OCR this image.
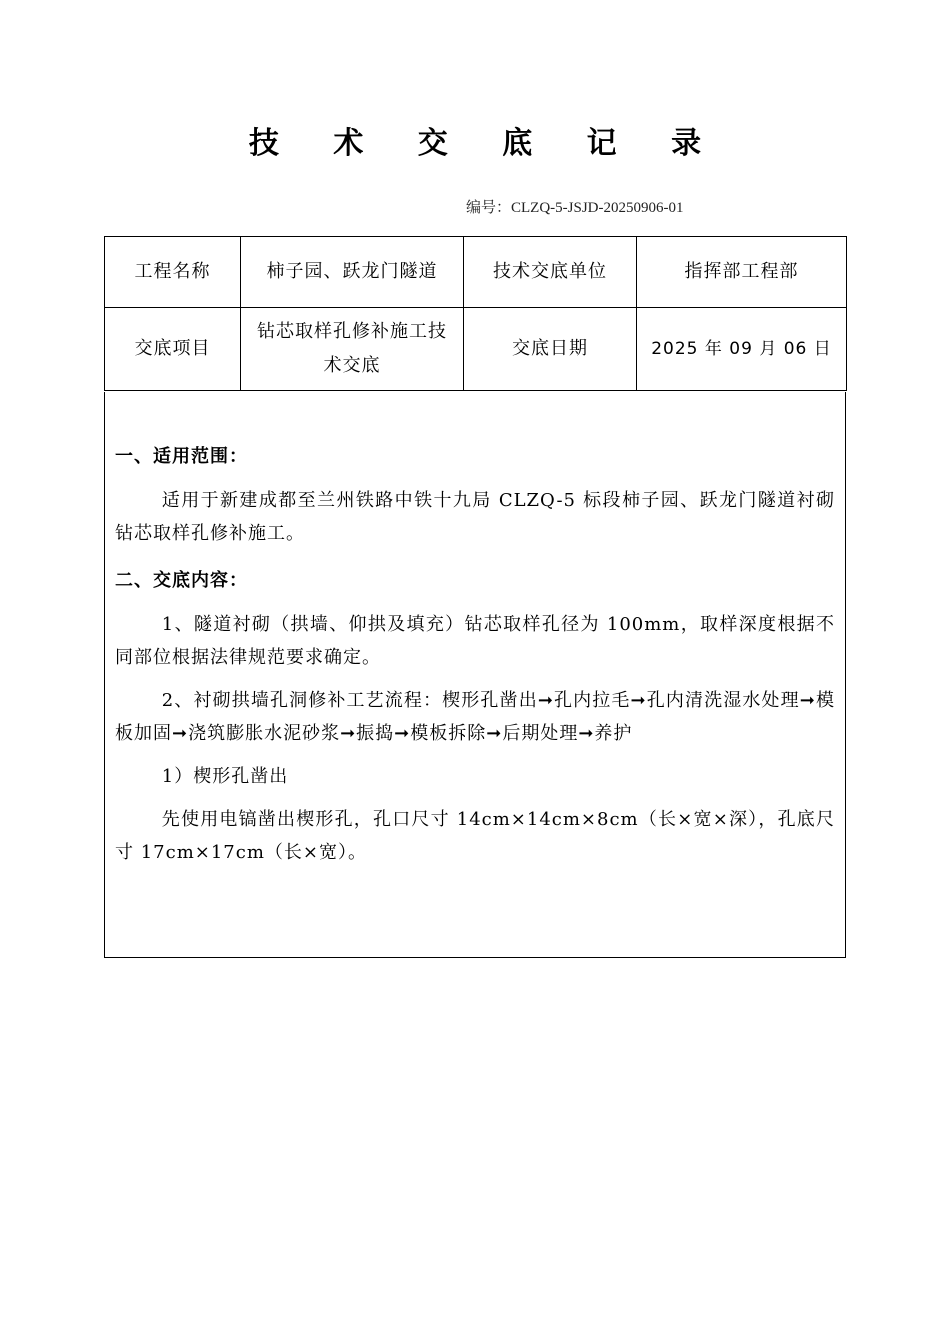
技 术 交 底 记 录
编号：CLZQ-5-JSJD-20250906-01
工程名称	柿子园、跃龙门隧道	技术交底单位	指挥部工程部
交底项目	钻芯取样孔修补施工技术交底	交底日期	2025 年 09 月 06 日
一、适用范围：

适用于新建成都至兰州铁路中铁十九局 CLZQ-5 标段柿子园、跃龙门隧道衬砌钻芯取样孔修补施工。

二、交底内容：

1、隧道衬砌（拱墙、仰拱及填充）钻芯取样孔径为 100mm，取样深度根据不同部位根据法律规范要求确定。

2、衬砌拱墙孔洞修补工艺流程：楔形孔凿出➞孔内拉毛➞孔内清洗湿水处理➞模板加固➞浇筑膨胀水泥砂浆➞振捣➞模板拆除➞后期处理➞养护

1）楔形孔凿出

先使用电镐凿出楔形孔，孔口尺寸 14cm×14cm×8cm（长×宽×深），孔底尺寸 17cm×17cm（长×宽）。
